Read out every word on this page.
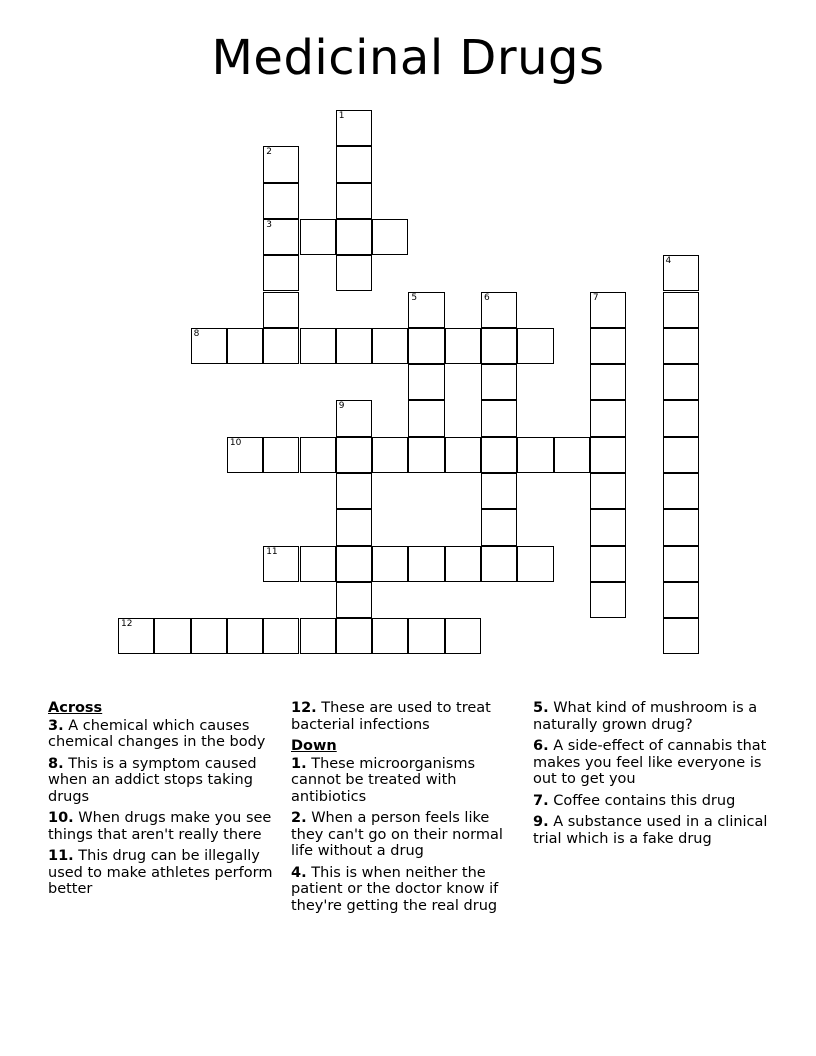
Medicinal Drugs
1
2
3
4
5	6	7
8
9
10
11
12
Across
3. A chemical which causes chemical changes in the body
8. This is a symptom caused when an addict stops taking drugs
10. When drugs make you see things that aren't really there
11. This drug can be illegally used to make athletes perform better
12. These are used to treat bacterial infections
Down
1. These microorganisms cannot be treated with antibiotics
2. When a person feels like they can't go on their normal life without a drug
4. This is when neither the patient or the doctor know if they're getting the real drug
5. What kind of mushroom is a naturally grown drug?
6. A side-effect of cannabis that makes you feel like everyone is out to get you
7. Coffee contains this drug
9. A substance used in a clinical trial which is a fake drug
